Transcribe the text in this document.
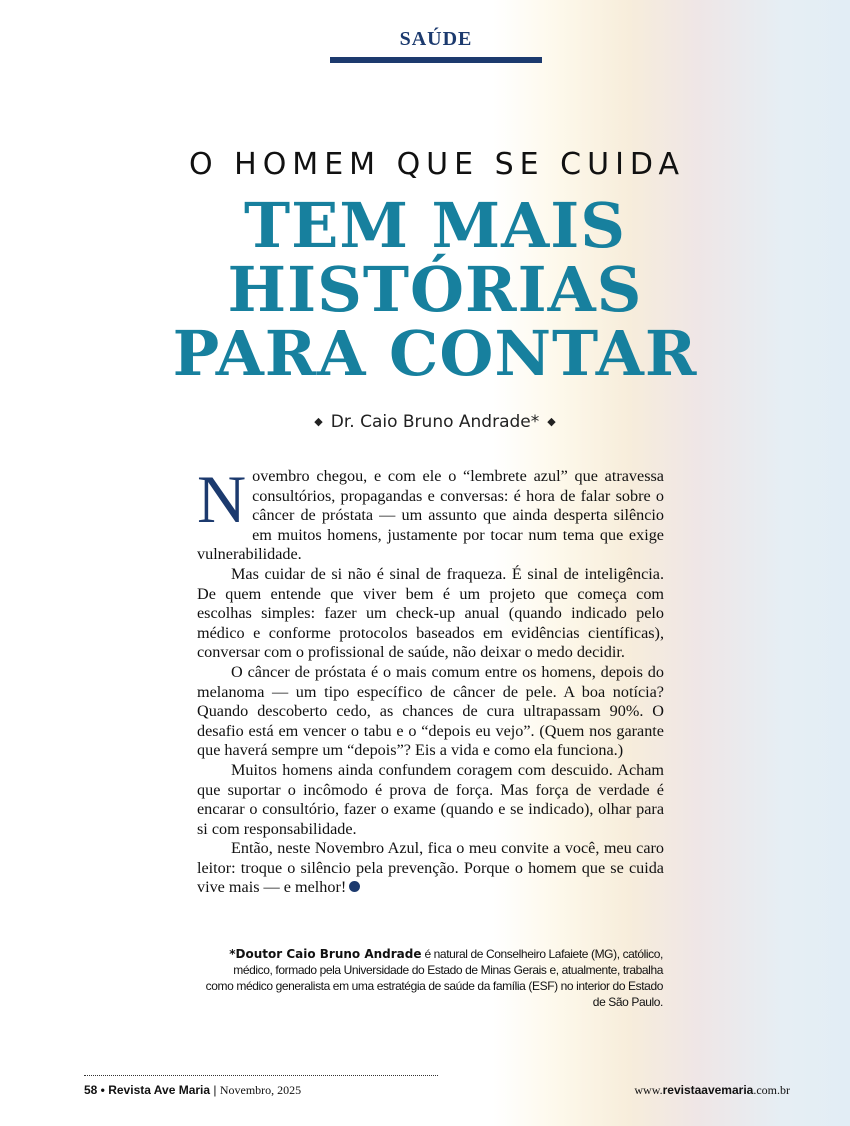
SAÚDE
O HOMEM QUE SE CUIDA
TEM MAIS
HISTÓRIAS
PARA CONTAR
◆ Dr. Caio Bruno Andrade* ◆

Novembro chegou, e com ele o “lembrete azul” que atravessa consultórios, propagandas e conversas: é hora de falar sobre o câncer de próstata — um assunto que ainda desperta silêncio em muitos homens, justamente por tocar num tema que exige vulnerabilidade.

Mas cuidar de si não é sinal de fraqueza. É sinal de inteligência. De quem entende que viver bem é um projeto que começa com escolhas simples: fazer um check-up anual (quando indicado pelo médico e conforme protocolos baseados em evidências científicas), conversar com o profissional de saúde, não deixar o medo decidir.

O câncer de próstata é o mais comum entre os homens, depois do melanoma — um tipo específico de câncer de pele. A boa notícia? Quando descoberto cedo, as chances de cura ultrapassam 90%. O desafio está em vencer o tabu e o “depois eu vejo”. (Quem nos garante que haverá sempre um “depois”? Eis a vida e como ela funciona.)

Muitos homens ainda confundem coragem com descuido. Acham que suportar o incômodo é prova de força. Mas força de verdade é encarar o consultório, fazer o exame (quando e se indicado), olhar para si com responsabilidade.

Então, neste Novembro Azul, fica o meu convite a você, meu caro leitor: troque o silêncio pela prevenção. Porque o homem que se cuida vive mais — e melhor!

*Doutor Caio Bruno Andrade é natural de Conselheiro Lafaiete (MG), católico, médico, formado pela Universidade do Estado de Minas Gerais e, atualmente, trabalha como médico generalista em uma estratégia de saúde da família (ESF) no interior do Estado de São Paulo.
58 • Revista Ave Maria | Novembro, 2025	www.revistaavemaria.com.br
